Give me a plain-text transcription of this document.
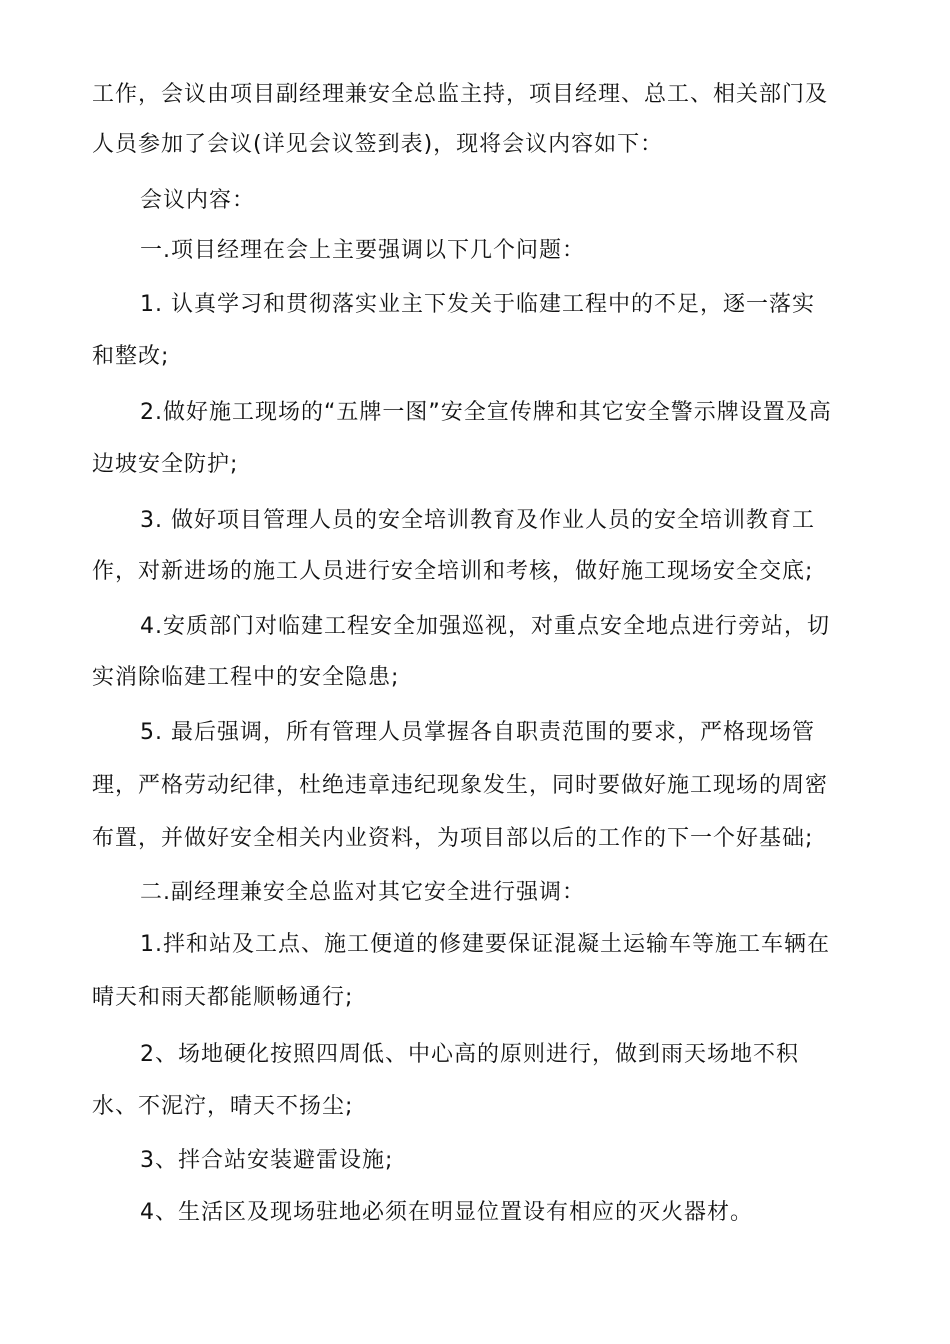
工作，会议由项目副经理兼安全总监主持，项目经理、总工、相关部门及
人员参加了会议(详见会议签到表)，现将会议内容如下：
会议内容：
一.项目经理在会上主要强调以下几个问题：
1. 认真学习和贯彻落实业主下发关于临建工程中的不足，逐一落实
和整改;
2.做好施工现场的“五牌一图”安全宣传牌和其它安全警示牌设置及高
边坡安全防护;
3. 做好项目管理人员的安全培训教育及作业人员的安全培训教育工
作，对新进场的施工人员进行安全培训和考核，做好施工现场安全交底;
4.安质部门对临建工程安全加强巡视，对重点安全地点进行旁站，切
实消除临建工程中的安全隐患;
5. 最后强调，所有管理人员掌握各自职责范围的要求，严格现场管
理，严格劳动纪律，杜绝违章违纪现象发生，同时要做好施工现场的周密
布置，并做好安全相关内业资料，为项目部以后的工作的下一个好基础;
二.副经理兼安全总监对其它安全进行强调：
1.拌和站及工点、施工便道的修建要保证混凝土运输车等施工车辆在
晴天和雨天都能顺畅通行;
2、场地硬化按照四周低、中心高的原则进行，做到雨天场地不积
水、不泥泞，晴天不扬尘;
3、拌合站安装避雷设施;
4、生活区及现场驻地必须在明显位置设有相应的灭火器材。
